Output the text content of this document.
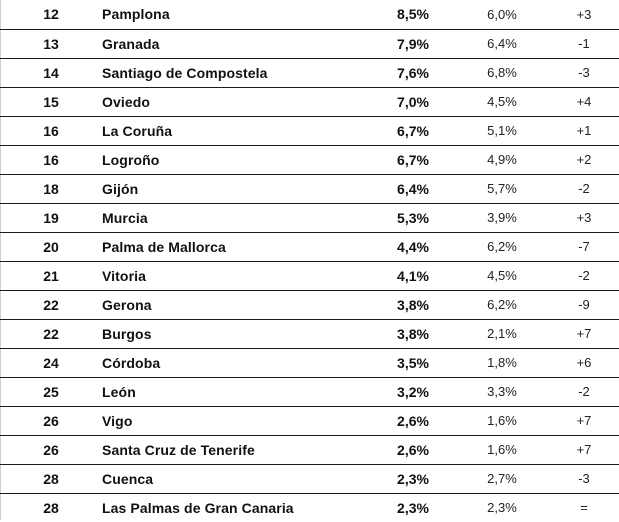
12	Pamplona	8,5%	6,0%	+3
13	Granada	7,9%	6,4%	-1
14	Santiago de Compostela	7,6%	6,8%	-3
15	Oviedo	7,0%	4,5%	+4
16	La Coruña	6,7%	5,1%	+1
16	Logroño	6,7%	4,9%	+2
18	Gijón	6,4%	5,7%	-2
19	Murcia	5,3%	3,9%	+3
20	Palma de Mallorca	4,4%	6,2%	-7
21	Vitoria	4,1%	4,5%	-2
22	Gerona	3,8%	6,2%	-9
22	Burgos	3,8%	2,1%	+7
24	Córdoba	3,5%	1,8%	+6
25	León	3,2%	3,3%	-2
26	Vigo	2,6%	1,6%	+7
26	Santa Cruz de Tenerife	2,6%	1,6%	+7
28	Cuenca	2,3%	2,7%	-3
28	Las Palmas de Gran Canaria	2,3%	2,3%	=
